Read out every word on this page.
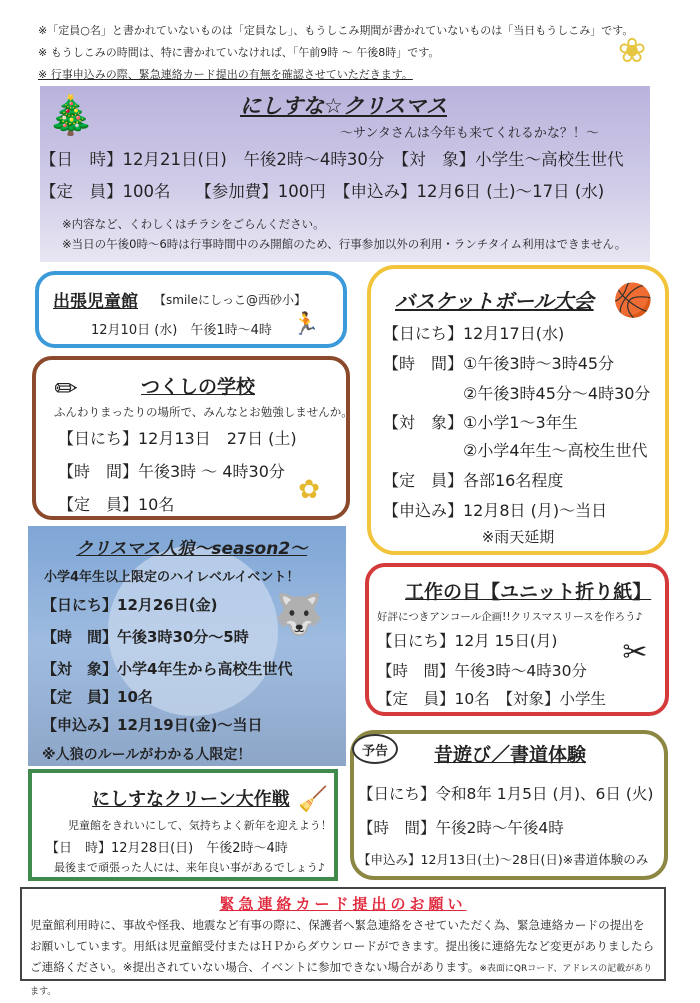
※「定員○名」と書かれていないものは「定員なし」、もうしこみ期間が書かれていないものは「当日もうしこみ」です。
※ もうしこみの時間は、特に書かれていなければ、「午前9時 ～ 午後8時」です。
※ 行事申込みの際、緊急連絡カード提出の有無を確認させていただきます。
❀
🎄	にしすな☆クリスマス
～サンタさんは今年も来てくれるかな？！～
【日　時】12月21日(日)　午後2時～4時30分　【対　象】小学生～高校生世代
【定　員】100名　　【参加費】100円　【申込み】12月6日 (土)～17日 (水)
※内容など、くわしくはチラシをごらんください。
※当日の午後0時～6時は行事時間中のみ開館のため、行事参加以外の利用・ランチタイム利用はできません。
出張児童館 【smileにしっこ@西砂小】
12月10日 (水)　午後1時～4時 🏃
✏	つくしの学校
ふんわりまったりの場所で、みんなとお勉強しませんか。
【日にち】12月13日　27日 (土)
【時　間】午後3時 ～ 4時30分
【定　員】10名	✿
バスケットボール大会 🏀
【日にち】12月17日(水)
【時　間】①午後3時～3時45分
　　　　　②午後3時45分～4時30分
【対　象】①小学1～3年生
　　　　　②小学4年生～高校生世代
【定　員】各部16名程度
【申込み】12月8日 (月)～当日
※雨天延期
クリスマス人狼～season2～
小学4年生以上限定のハイレベルイベント！
【日にち】12月26日(金)
【時　間】午後3時30分～5時
【対　象】小学4年生から高校生世代
【定　員】10名
【申込み】12月19日(金)～当日
※人狼のルールがわかる人限定！
🐺	工作の日【ユニット折り紙】
好評につきアンコール企画!!クリスマスリースを作ろう♪
【日にち】12月 15日(月)
【時　間】午後3時～4時30分
【定　員】10名　【対象】小学生
✂
昔遊び／書道体験
【日にち】令和8年 1月5日 (月)、6日 (火)
【時　間】午後2時～午後4時
【申込み】12月13日(土)～28日(日)※書道体験のみ
予告
にしすなクリーン大作戦 🧹
児童館をきれいにして、気持ちよく新年を迎えよう！
【日　時】12月28日(日)　午後2時～4時
最後まで頑張った人には、来年良い事があるでしょう♪
緊急連絡カード提出のお願い
児童館利用時に、事故や怪我、地震など有事の際に、保護者へ緊急連絡をさせていただく為、緊急連絡カードの提出をお願いしています。用紙は児童館受付またはＨＰからダウンロードができます。提出後に連絡先など変更がありましたらご連絡ください。※提出されていない場合、イベントに参加できない場合があります。※表面にQRコード、アドレスの記載があります。
